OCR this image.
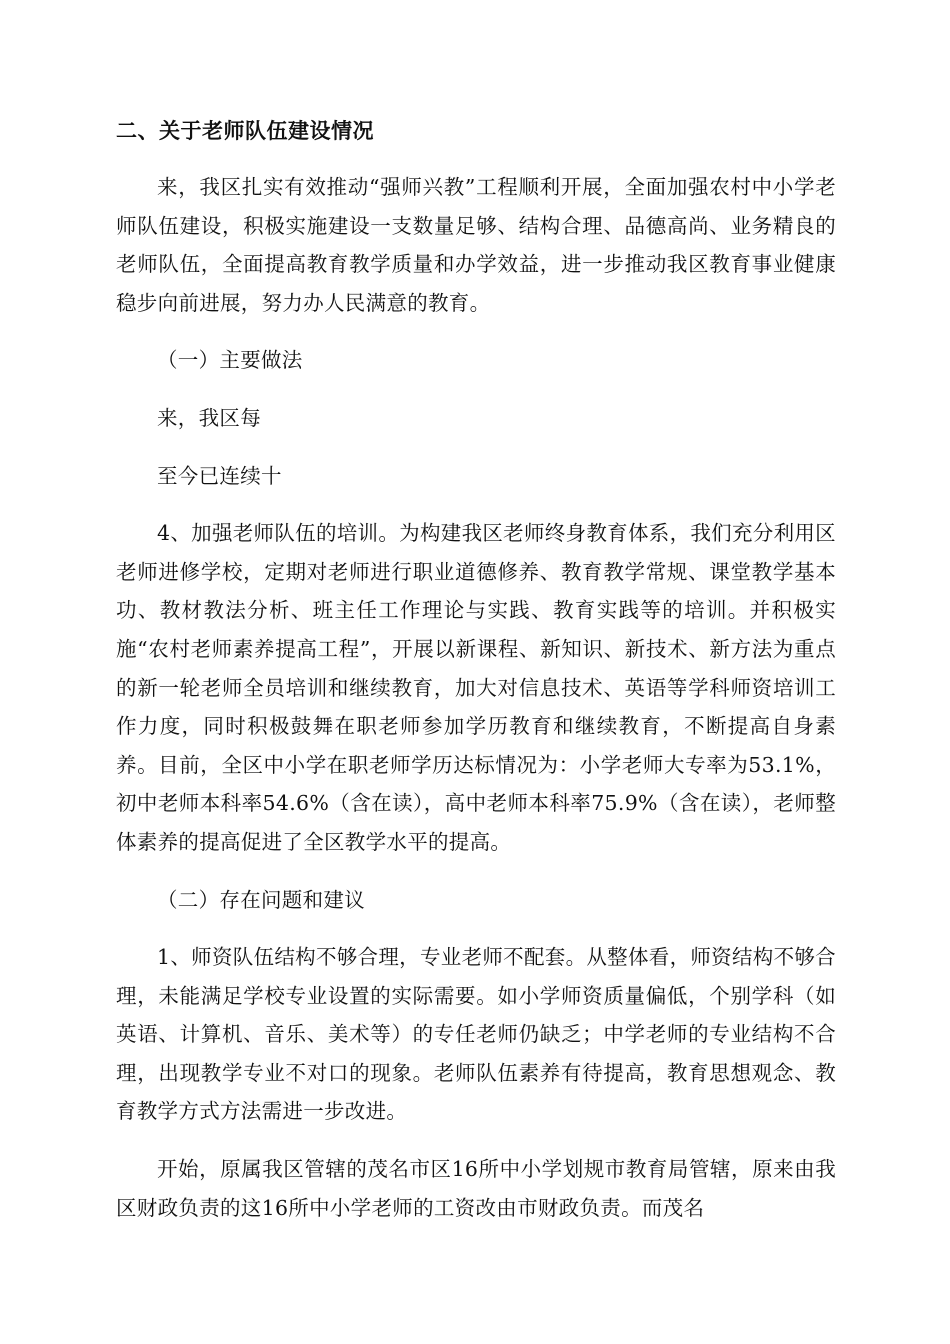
二、关于老师队伍建设情况

来，我区扎实有效推动“强师兴教”工程顺利开展，全面加强农村中小学老师队伍建设，积极实施建设一支数量足够、结构合理、品德高尚、业务精良的老师队伍，全面提高教育教学质量和办学效益，进一步推动我区教育事业健康稳步向前进展，努力办人民满意的教育。

（一）主要做法

来，我区每

至今已连续十

4、加强老师队伍的培训。为构建我区老师终身教育体系，我们充分利用区老师进修学校，定期对老师进行职业道德修养、教育教学常规、课堂教学基本功、教材教法分析、班主任工作理论与实践、教育实践等的培训。并积极实施“农村老师素养提高工程”，开展以新课程、新知识、新技术、新方法为重点的新一轮老师全员培训和继续教育，加大对信息技术、英语等学科师资培训工作力度，同时积极鼓舞在职老师参加学历教育和继续教育，不断提高自身素养。目前，全区中小学在职老师学历达标情况为：小学老师大专率为53.1%，初中老师本科率54.6%（含在读），高中老师本科率75.9%（含在读），老师整体素养的提高促进了全区教学水平的提高。

（二）存在问题和建议

1、师资队伍结构不够合理，专业老师不配套。从整体看，师资结构不够合理，未能满足学校专业设置的实际需要。如小学师资质量偏低，个别学科（如英语、计算机、音乐、美术等）的专任老师仍缺乏；中学老师的专业结构不合理，出现教学专业不对口的现象。老师队伍素养有待提高，教育思想观念、教育教学方式方法需进一步改进。

开始，原属我区管辖的茂名市区16所中小学划规市教育局管辖，原来由我区财政负责的这16所中小学老师的工资改由市财政负责。而茂名
